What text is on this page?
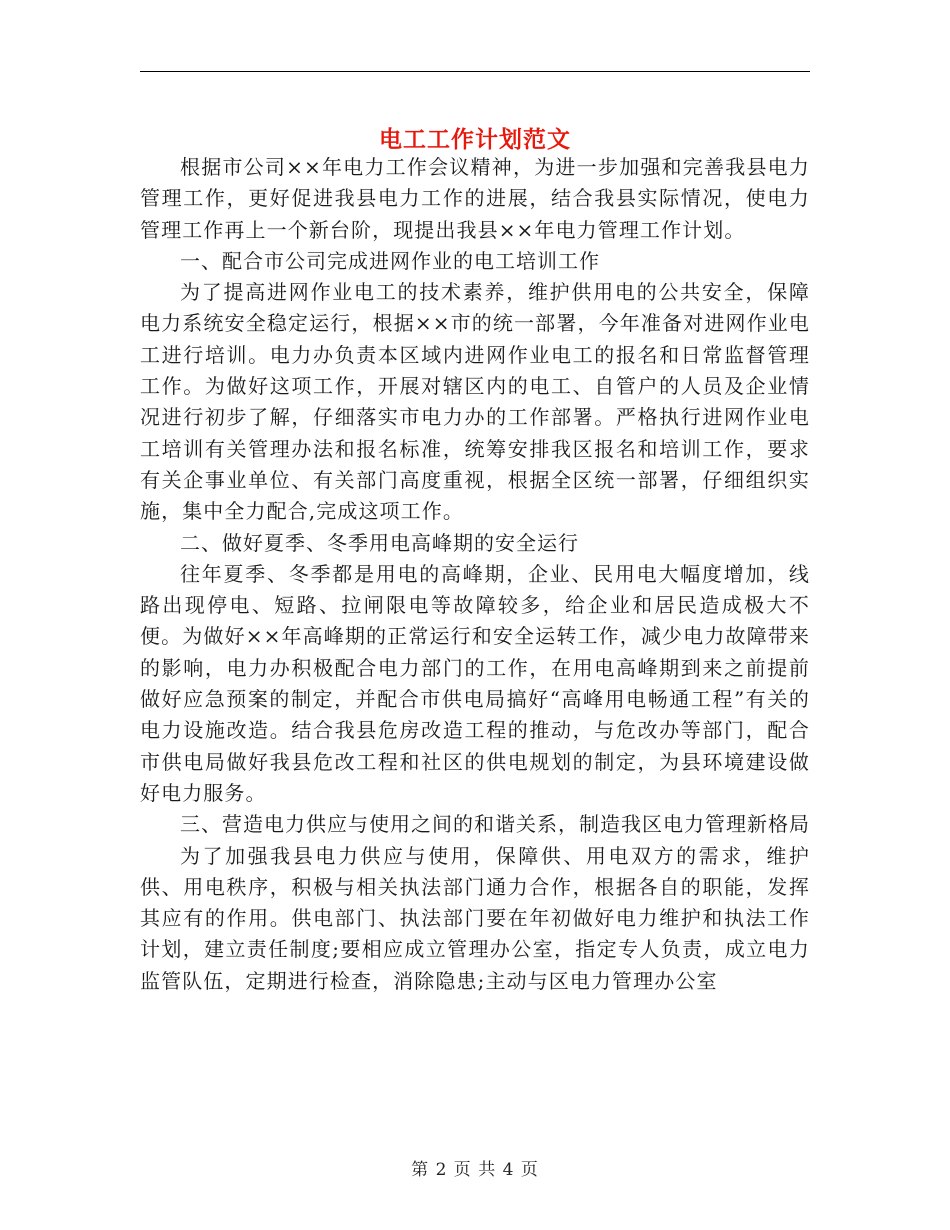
电工工作计划范文

根据市公司××年电力工作会议精神，为进一步加强和完善我县电力管理工作，更好促进我县电力工作的进展，结合我县实际情况，使电力管理工作再上一个新台阶，现提出我县××年电力管理工作计划。

一、配合市公司完成进网作业的电工培训工作

为了提高进网作业电工的技术素养，维护供用电的公共安全，保障电力系统安全稳定运行，根据××市的统一部署，今年准备对进网作业电工进行培训。电力办负责本区域内进网作业电工的报名和日常监督管理工作。为做好这项工作，开展对辖区内的电工、自管户的人员及企业情况进行初步了解，仔细落实市电力办的工作部署。严格执行进网作业电工培训有关管理办法和报名标准，统筹安排我区报名和培训工作，要求有关企事业单位、有关部门高度重视，根据全区统一部署，仔细组织实施，集中全力配合,完成这项工作。

二、做好夏季、冬季用电高峰期的安全运行

往年夏季、冬季都是用电的高峰期，企业、民用电大幅度增加，线路出现停电、短路、拉闸限电等故障较多，给企业和居民造成极大不便。为做好××年高峰期的正常运行和安全运转工作，减少电力故障带来的影响，电力办积极配合电力部门的工作，在用电高峰期到来之前提前做好应急预案的制定，并配合市供电局搞好“高峰用电畅通工程”有关的电力设施改造。结合我县危房改造工程的推动，与危改办等部门，配合市供电局做好我县危改工程和社区的供电规划的制定，为县环境建设做好电力服务。

三、营造电力供应与使用之间的和谐关系，制造我区电力管理新格局

为了加强我县电力供应与使用，保障供、用电双方的需求，维护供、用电秩序，积极与相关执法部门通力合作，根据各自的职能，发挥其应有的作用。供电部门、执法部门要在年初做好电力维护和执法工作计划，建立责任制度;要相应成立管理办公室，指定专人负责，成立电力监管队伍，定期进行检查，消除隐患;主动与区电力管理办公室

第 2 页 共 4 页
